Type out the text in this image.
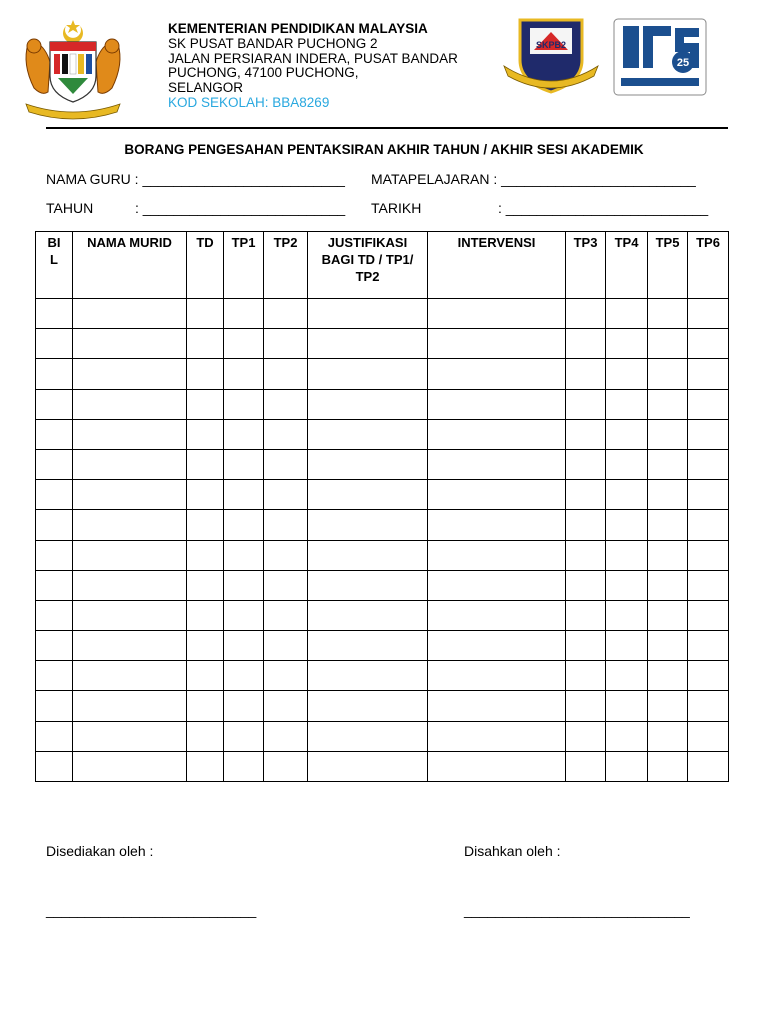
KEMENTERIAN PENDIDIKAN MALAYSIA
SK PUSAT BANDAR PUCHONG 2
JALAN PERSIARAN INDERA, PUSAT BANDAR
PUCHONG, 47100 PUCHONG,
SELANGOR
KOD SEKOLAH: BBA8269
SKPB2
25
BORANG PENGESAHAN PENTAKSIRAN AKHIR TAHUN / AKHIR SESI AKADEMIK
NAMA GURU : __________________________ MATAPELAJARAN : _________________________
TAHUN	: __________________________ TARIKH	: __________________________
BI L	NAMA MURID	TD	TP1	TP2	JUSTIFIKASI BAGI TD / TP1/ TP2	INTERVENSI	TP3	TP4	TP5	TP6

Disediakan oleh :	Disahkan oleh :
___________________________	_____________________________
